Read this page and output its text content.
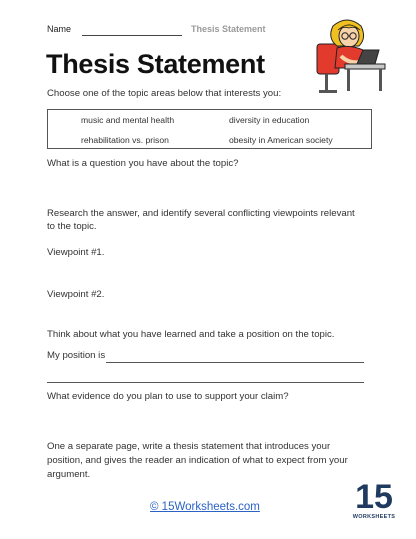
Name	Thesis Statement
Thesis Statement
Choose one of the topic areas below that interests you:
music and mental health	diversity in education
rehabilitation vs. prison	obesity in American society
What is a question you have about the topic?
Research the answer, and identify several conflicting viewpoints relevant
to the topic.
Viewpoint #1.
Viewpoint #2.
Think about what you have learned and take a position on the topic.
My position is
What evidence do you plan to use to support your claim?
One a separate page, write a thesis statement that introduces your
position, and gives the reader an indication of what to expect from your
argument.
© 15Worksheets.com	15
WORKSHEETS
